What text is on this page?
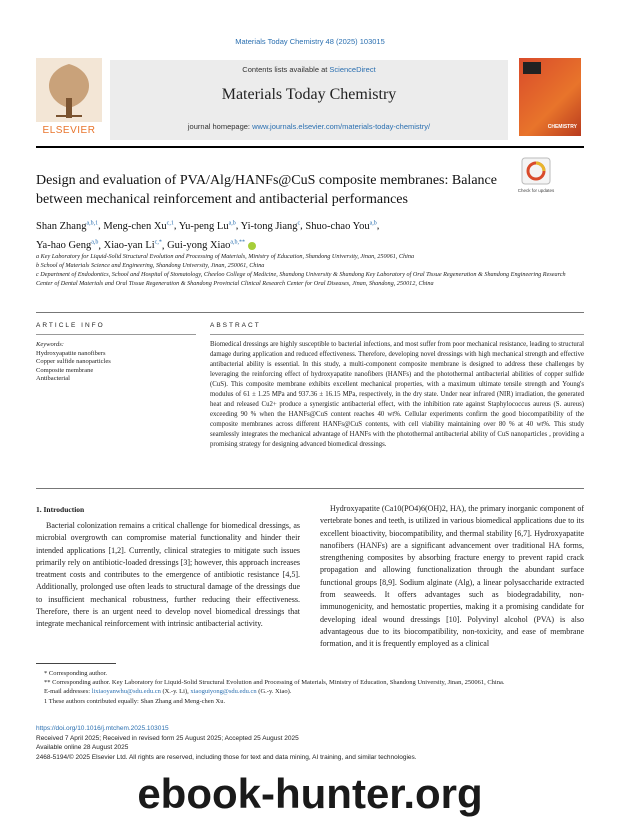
Materials Today Chemistry 48 (2025) 103015
ELSEVIER
Contents lists available at ScienceDirect
Materials Today Chemistry
journal homepage: www.journals.elsevier.com/materials-today-chemistry/	CHEMISTRY
Design and evaluation of PVA/Alg/HANFs@CuS composite membranes: Balance between mechanical reinforcement and antibacterial performances
Check for updates
Shan Zhang$^{a,b,1}$, Meng-chen Xu$^{c,1}$, Yu-peng Lu$^{a,b}$, Yi-tong Jiang$^c$, Shuo-chao You$^{a,b}$,
Ya-hao Geng$^{a,b}$, Xiao-yan $Li^{c,*}$, Gui-yong Xiao$^{a,b,**}$
a Key Laboratory for Liquid-Solid Structural Evolution and Processing of Materials, Ministry of Education, Shandong University, Jinan, 250061, China
b School of Materials Science and Engineering, Shandong University, Jinan, 250061, China
c Department of Endodontics, School and Hospital of Stomatology, Cheeloo College of Medicine, Shandong University & Shandong Key Laboratory of Oral Tissue Regeneration & Shandong Engineering Research Center of Dental Materials and Oral Tissue Regeneration & Shandong Provincial Clinical Research Center for Oral Diseases, Jinan, Shandong, 250012, China
ARTICLE INFO	ABSTRACT
Keywords:
Hydroxyapatite nanofibers
Copper sulfide nanoparticles
Composite membrane
Antibacterial
Biomedical dressings are highly susceptible to bacterial infections, and most suffer from poor mechanical resistance, leading to structural damage during application and reduced effectiveness. Therefore, developing novel dressings with high mechanical strength and effective antibacterial ability is essential. In this study, a multi-component composite membrane is designed to address these challenges by leveraging the reinforcing effect of hydroxyapatite nanofibers (HANFs) and the photothermal antibacterial abilities of copper sulfide (CuS). This composite membrane exhibits excellent mechanical properties, with a maximum ultimate tensile strength and Young's modulus of 61 ± 1.25 MPa and 937.36 ± 16.15 MPa, respectively, in the dry state. Under near infrared (NIR) irradiation, the generated heat and released Cu2+ produce a synergistic antibacterial effect, with the inhibition rate against Staphylococcus aureus (S. aureus) exceeding 90 % when the HANFs@CuS content reaches 40 wt%. Cellular experiments confirm the good biocompatibility of the composite membranes across different HANFs@CuS contents, with cell viability maintaining over 80 % at 40 wt%. This study seamlessly integrates the mechanical advantage of HANFs with the photothermal antibacterial ability of CuS nanoparticles , providing a promising strategy for designing advanced biomedical dressings.
1. Introduction
Bacterial colonization remains a critical challenge for biomedical dressings, as microbial overgrowth can compromise material functionality and hinder their intended applications [1,2]. Currently, clinical strategies to mitigate such issues primarily rely on antibiotic-loaded dressings [3]; however, this approach increases treatment costs and contributes to the emergence of antibiotic resistance [4,5]. Additionally, prolonged use often leads to structural damage of the dressings due to insufficient mechanical robustness, further reducing their effectiveness. Therefore, there is an urgent need to develop novel biomedical dressings that integrate mechanical reinforcement with intrinsic antibacterial activity.
Hydroxyapatite (Ca10(PO4)6(OH)2, HA), the primary inorganic component of vertebrate bones and teeth, is utilized in various biomedical applications due to its excellent bioactivity, biocompatibility, and thermal stability [6,7]. Hydroxyapatite nanofibers (HANFs) are a significant advancement over traditional HA forms, strengthening composites by absorbing fracture energy to prevent rapid crack propagation and allowing functionalization through the abundant surface functional groups [8,9]. Sodium alginate (Alg), a linear polysaccharide extracted from seaweeds. It offers advantages such as biodegradability, non-immunogenicity, and hemostatic properties, making it a promising candidate for developing ideal wound dressings [10]. Polyvinyl alcohol (PVA) is also advantageous due to its biocompatibility, non-toxicity, and ease of membrane formation, and it is frequently employed as a clinical
* Corresponding author.
** Corresponding author. Key Laboratory for Liquid-Solid Structural Evolution and Processing of Materials, Ministry of Education, Shandong University, Jinan, 250061, China.
E-mail addresses: lixiaoyanwhu@sdu.edu.cn (X.-y. Li), xiaoguiyong@sdu.edu.cn (G.-y. Xiao).
1 These authors contributed equally: Shan Zhang and Meng-chen Xu.
https://doi.org/10.1016/j.mtchem.2025.103015
Received 7 April 2025; Received in revised form 25 August 2025; Accepted 25 August 2025
Available online 28 August 2025
2468-5194/© 2025 Elsevier Ltd. All rights are reserved, including those for text and data mining, AI training, and similar technologies.
ebook-hunter.org
